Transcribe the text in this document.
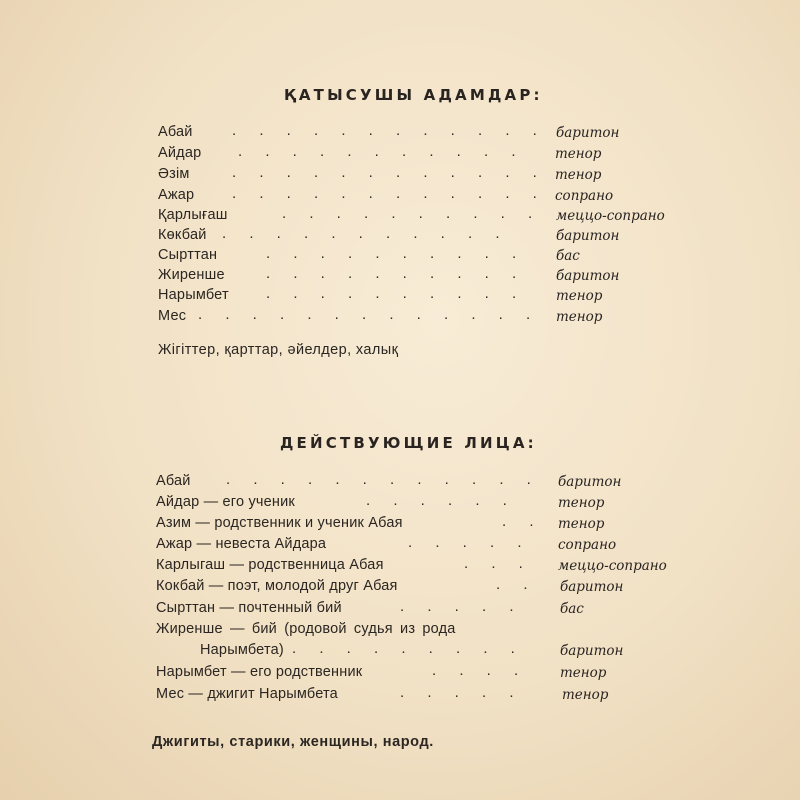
ҚАТЫСУШЫ АДАМДАР:
Абай	. . . . . . . . . . . . баритон
Айдар . . . . . . . . . . . тенор
Әзім	. . . . . . . . . . . . тенор
Ажар	. . . . . . . . . . . . сопрано
Қарлығаш	. . . . . . . . . . меццо-сопрано
Көкбай . . . . . . . . . . .	баритон
Сырттан	. . . . . . . . . . бас
Жиренше	. . . . . . . . . . баритон
Нарымбет . . . . . . . . . . тенор
Мес . . . . . . . . . . . . . тенор
Жігіттер, қарттар, әйелдер, халық
ДЕЙСТВУЮЩИЕ ЛИЦА:
Абай . . . . . . . . . . . . баритон
Айдар — его ученик	. . . . . .	тенор
Азим — родственник и ученик Абая	. . тенор
Ажар — невеста Айдара	. . . . . сопрано
Карлыгаш — родственница Абая	. . . меццо-сопрано
Кокбай — поэт, молодой друг Абая	. . баритон
Сырттан — почтенный бий	. . . . .	бас
Жиренше — бий (родовой судья из рода
Нарымбета) . . . . . . . . .	баритон
Нарымбет — его родственник	. . . . тенор
Мес — джигит Нарымбета	. . . . .	тенор
Джигиты, старики, женщины, народ.
